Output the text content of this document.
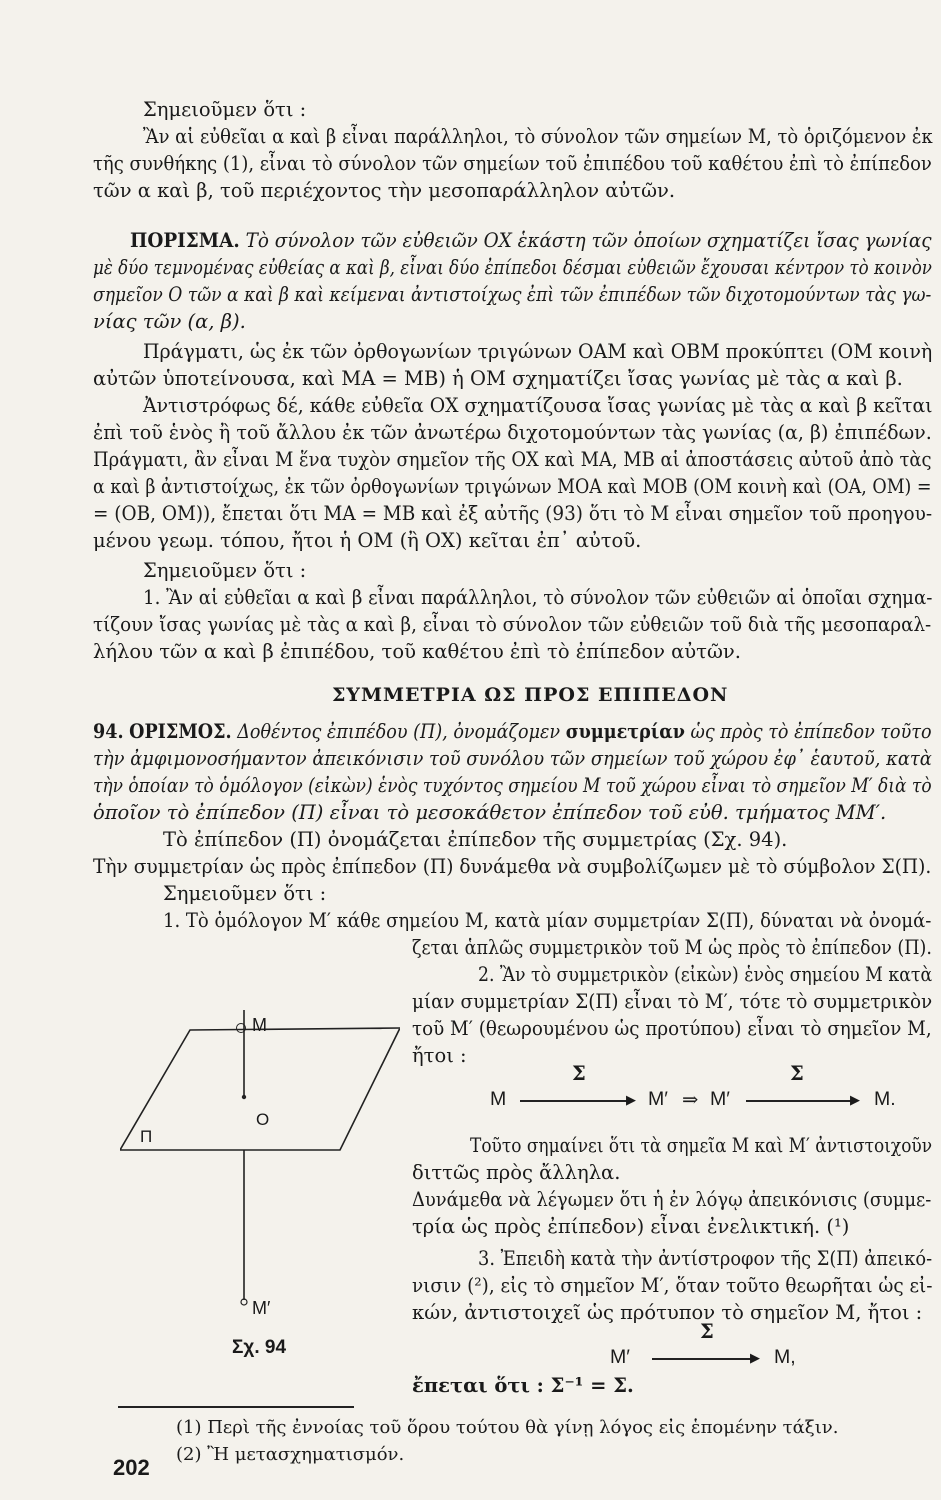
Σημειοῦμεν ὅτι :
Ἂν αἱ εὐθεῖαι α καὶ β εἶναι παράλληλοι, τὸ σύνολον τῶν σημείων Μ, τὸ ὁριζόμενον ἐκ
τῆς συνθήκης (1), εἶναι τὸ σύνολον τῶν σημείων τοῦ ἐπιπέδου τοῦ καθέτου ἐπὶ τὸ ἐπίπεδον
τῶν α καὶ β, τοῦ περιέχοντος τὴν μεσοπαράλληλον αὐτῶν.
ΠΟΡΙΣΜΑ. Τὸ σύνολον τῶν εὐθειῶν ΟΧ ἑκάστη τῶν ὁποίων σχηματίζει ἴσας γωνίας
μὲ δύο τεμνομένας εὐθείας α καὶ β, εἶναι δύο ἐπίπεδοι δέσμαι εὐθειῶν ἔχουσαι κέντρον τὸ κοινὸν
σημεῖον Ο τῶν α καὶ β καὶ κείμεναι ἀντιστοίχως ἐπὶ τῶν ἐπιπέδων τῶν διχοτομούντων τὰς γω-
νίας τῶν (α, β).
Πράγματι, ὡς ἐκ τῶν ὀρθογωνίων τριγώνων ΟΑΜ καὶ ΟΒΜ προκύπτει (ΟΜ κοινὴ
αὐτῶν ὑποτείνουσα, καὶ ΜΑ = ΜΒ) ἡ ΟΜ σχηματίζει ἴσας γωνίας μὲ τὰς α καὶ β.
Ἀντιστρόφως δέ, κάθε εὐθεῖα ΟΧ σχηματίζουσα ἴσας γωνίας μὲ τὰς α καὶ β κεῖται
ἐπὶ τοῦ ἑνὸς ἢ τοῦ ἄλλου ἐκ τῶν ἀνωτέρω διχοτομούντων τὰς γωνίας (α, β) ἐπιπέδων.
Πράγματι, ἂν εἶναι Μ ἕνα τυχὸν σημεῖον τῆς ΟΧ καὶ ΜΑ, ΜΒ αἱ ἀποστάσεις αὐτοῦ ἀπὸ τὰς
α καὶ β ἀντιστοίχως, ἐκ τῶν ὀρθογωνίων τριγώνων ΜΟΑ καὶ ΜΟΒ (ΟΜ κοινὴ καὶ (ΟΑ, ΟΜ) =
= (ΟΒ, ΟΜ)), ἔπεται ὅτι ΜΑ = ΜΒ καὶ ἐξ αὐτῆς (93) ὅτι τὸ Μ εἶναι σημεῖον τοῦ προηγου-
μένου γεωμ. τόπου, ἤτοι ἡ ΟΜ (ἢ ΟΧ) κεῖται ἐπ᾿ αὐτοῦ.
Σημειοῦμεν ὅτι :
1. Ἂν αἱ εὐθεῖαι α καὶ β εἶναι παράλληλοι, τὸ σύνολον τῶν εὐθειῶν αἱ ὁποῖαι σχημα-
τίζουν ἴσας γωνίας μὲ τὰς α καὶ β, εἶναι τὸ σύνολον τῶν εὐθειῶν τοῦ διὰ τῆς μεσοπαραλ-
λήλου τῶν α καὶ β ἐπιπέδου, τοῦ καθέτου ἐπὶ τὸ ἐπίπεδον αὐτῶν.
ΣΥΜΜΕΤΡΙΑ ΩΣ ΠΡΟΣ ΕΠΙΠΕΔΟΝ
94. ΟΡΙΣΜΟΣ. Δοθέντος ἐπιπέδου (Π), ὀνομάζομεν συμμετρίαν ὡς πρὸς τὸ ἐπίπεδον τοῦτο
τὴν ἀμφιμονοσήμαντον ἀπεικόνισιν τοῦ συνόλου τῶν σημείων τοῦ χώρου ἐφ᾿ ἑαυτοῦ, κατὰ
τὴν ὁποίαν τὸ ὁμόλογον (εἰκὼν) ἑνὸς τυχόντος σημείου Μ τοῦ χώρου εἶναι τὸ σημεῖον Μ′ διὰ τὸ
ὁποῖον τὸ ἐπίπεδον (Π) εἶναι τὸ μεσοκάθετον ἐπίπεδον τοῦ εὐθ. τμήματος ΜΜ′.
Τὸ ἐπίπεδον (Π) ὀνομάζεται ἐπίπεδον τῆς συμμετρίας (Σχ. 94).
Τὴν συμμετρίαν ὡς πρὸς ἐπίπεδον (Π) δυνάμεθα νὰ συμβολίζωμεν μὲ τὸ σύμβολον Σ(Π).
Σημειοῦμεν ὅτι :
1. Τὸ ὁμόλογον Μ′ κάθε σημείου Μ, κατὰ μίαν συμμετρίαν Σ(Π), δύναται νὰ ὀνομά-
ζεται ἁπλῶς συμμετρικὸν τοῦ Μ ὡς πρὸς τὸ ἐπίπεδον (Π).
2. Ἂν τὸ συμμετρικὸν (εἰκὼν) ἑνὸς σημείου Μ κατὰ
μίαν συμμετρίαν Σ(Π) εἶναι τὸ Μ′, τότε τὸ συμμετρικὸν
τοῦ Μ′ (θεωρουμένου ὡς προτύπου) εἶναι τὸ σημεῖον Μ,
ἤτοι :
Μ
Σ
▶ Μ′ ⇒ Μ′
Σ
▶ Μ.
Τοῦτο σημαίνει ὅτι τὰ σημεῖα Μ καὶ Μ′ ἀντιστοιχοῦν
διττῶς πρὸς ἄλληλα.
Δυνάμεθα νὰ λέγωμεν ὅτι ἡ ἐν λόγῳ ἀπεικόνισις (συμμε-
τρία ὡς πρὸς ἐπίπεδον) εἶναι ἐνελικτική. (¹)
3. Ἐπειδὴ κατὰ τὴν ἀντίστροφον τῆς Σ(Π) ἀπεικό-
νισιν (²), εἰς τὸ σημεῖον Μ′, ὅταν τοῦτο θεωρῆται ὡς εἰ-
κών, ἀντιστοιχεῖ ὡς πρότυπον τὸ σημεῖον Μ, ἤτοι :
Μ′
Σ
▶ Μ,
ἔπεται ὅτι : Σ⁻¹ = Σ.
Μ
Ο
Π
Μ′
Σχ. 94
(1) Περὶ τῆς ἐννοίας τοῦ ὅρου τούτου θὰ γίνῃ λόγος εἰς ἑπομένην τάξιν.
(2) Ἢ μετασχηματισμόν.
202
